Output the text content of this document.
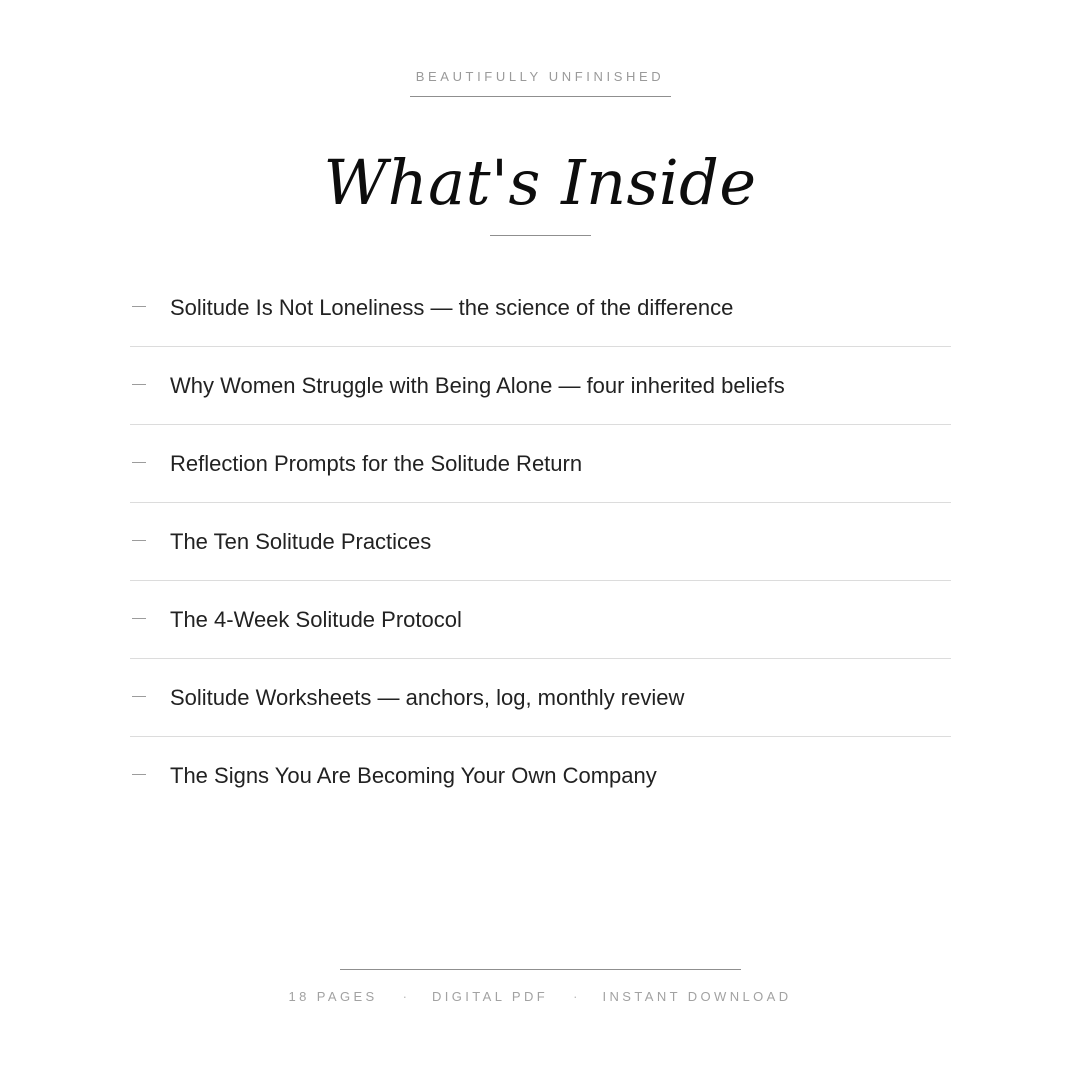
BEAUTIFULLY UNFINISHED
What's Inside
Solitude Is Not Loneliness — the science of the difference
Why Women Struggle with Being Alone — four inherited beliefs
Reflection Prompts for the Solitude Return
The Ten Solitude Practices
The 4-Week Solitude Protocol
Solitude Worksheets — anchors, log, monthly review
The Signs You Are Becoming Your Own Company
18 PAGES · DIGITAL PDF · INSTANT DOWNLOAD
